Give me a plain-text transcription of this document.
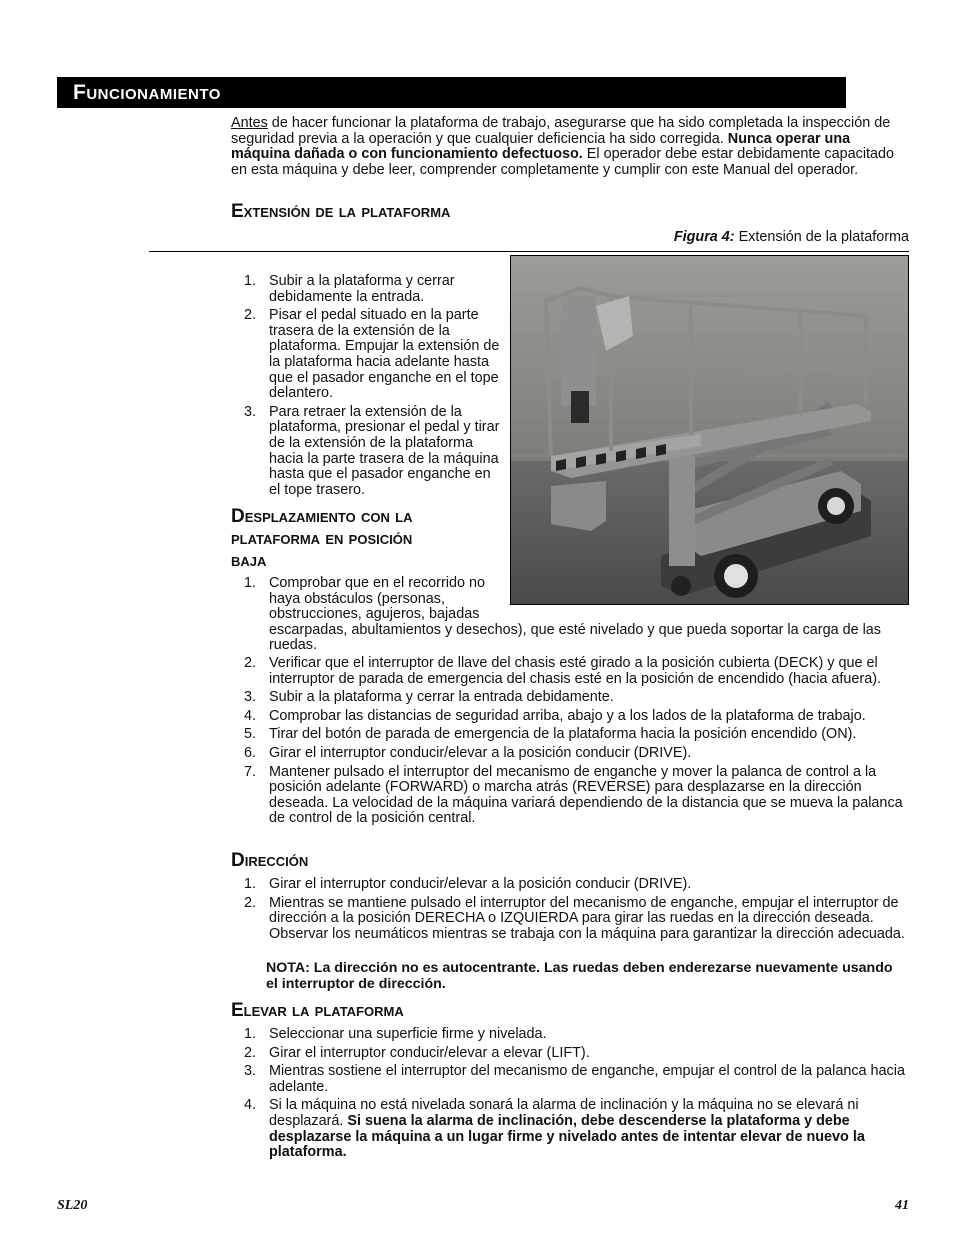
Funcionamiento

Antes de hacer funcionar la plataforma de trabajo, asegurarse que ha sido completada la inspección de seguridad previa a la operación y que cualquier deficiencia ha sido corregida. Nunca operar una máquina dañada o con funcionamiento defectuoso. El operador debe estar debidamente capacitado en esta máquina y debe leer, comprender completamente y cumplir con este Manual del operador.

Extensión de la plataforma
Figura 4: Extensión de la plataforma
1. Subir a la plataforma y cerrar debidamente la entrada.
2. Pisar el pedal situado en la parte trasera de la extensión de la plataforma. Empujar la extensión de la plataforma hacia adelante hasta que el pasador enganche en el tope delantero.
3. Para retraer la extensión de la plataforma, presionar el pedal y tirar de la extensión de la plataforma hacia la parte trasera de la máquina hasta que el pasador enganche en el tope trasero.
Desplazamiento con la
plataforma en posición
baja
1. Comprobar que en el recorrido no haya obstáculos (personas, obstrucciones, agujeros, bajadas
escarpadas, abultamientos y desechos), que esté nivelado y que pueda soportar la carga de las ruedas.
2. Verificar que el interruptor de llave del chasis esté girado a la posición cubierta (DECK) y que el interruptor de parada de emergencia del chasis esté en la posición de encendido (hacia afuera).
3. Subir a la plataforma y cerrar la entrada debidamente.
4. Comprobar las distancias de seguridad arriba, abajo y a los lados de la plataforma de trabajo.
5. Tirar del botón de parada de emergencia de la plataforma hacia la posición encendido (ON).
6. Girar el interruptor conducir/elevar a la posición conducir (DRIVE).
7. Mantener pulsado el interruptor del mecanismo de enganche y mover la palanca de control a la posición adelante (FORWARD) o marcha atrás (REVERSE) para desplazarse en la dirección deseada. La velocidad de la máquina variará dependiendo de la distancia que se mueva la palanca de control de la posición central.
Dirección
1. Girar el interruptor conducir/elevar a la posición conducir (DRIVE).
2. Mientras se mantiene pulsado el interruptor del mecanismo de enganche, empujar el interruptor de dirección a la posición DERECHA o IZQUIERDA para girar las ruedas en la dirección deseada. Observar los neumáticos mientras se trabaja con la máquina para garantizar la dirección adecuada.

NOTA: La dirección no es autocentrante. Las ruedas deben enderezarse nuevamente usando el interruptor de dirección.

Elevar la plataforma
1. Seleccionar una superficie firme y nivelada.
2. Girar el interruptor conducir/elevar a elevar (LIFT).
3. Mientras sostiene el interruptor del mecanismo de enganche, empujar el control de la palanca hacia adelante.
4. Si la máquina no está nivelada sonará la alarma de inclinación y la máquina no se elevará ni desplazará. Si suena la alarma de inclinación, debe descenderse la plataforma y debe desplazarse la máquina a un lugar firme y nivelado antes de intentar elevar de nuevo la plataforma.
SL20	41
